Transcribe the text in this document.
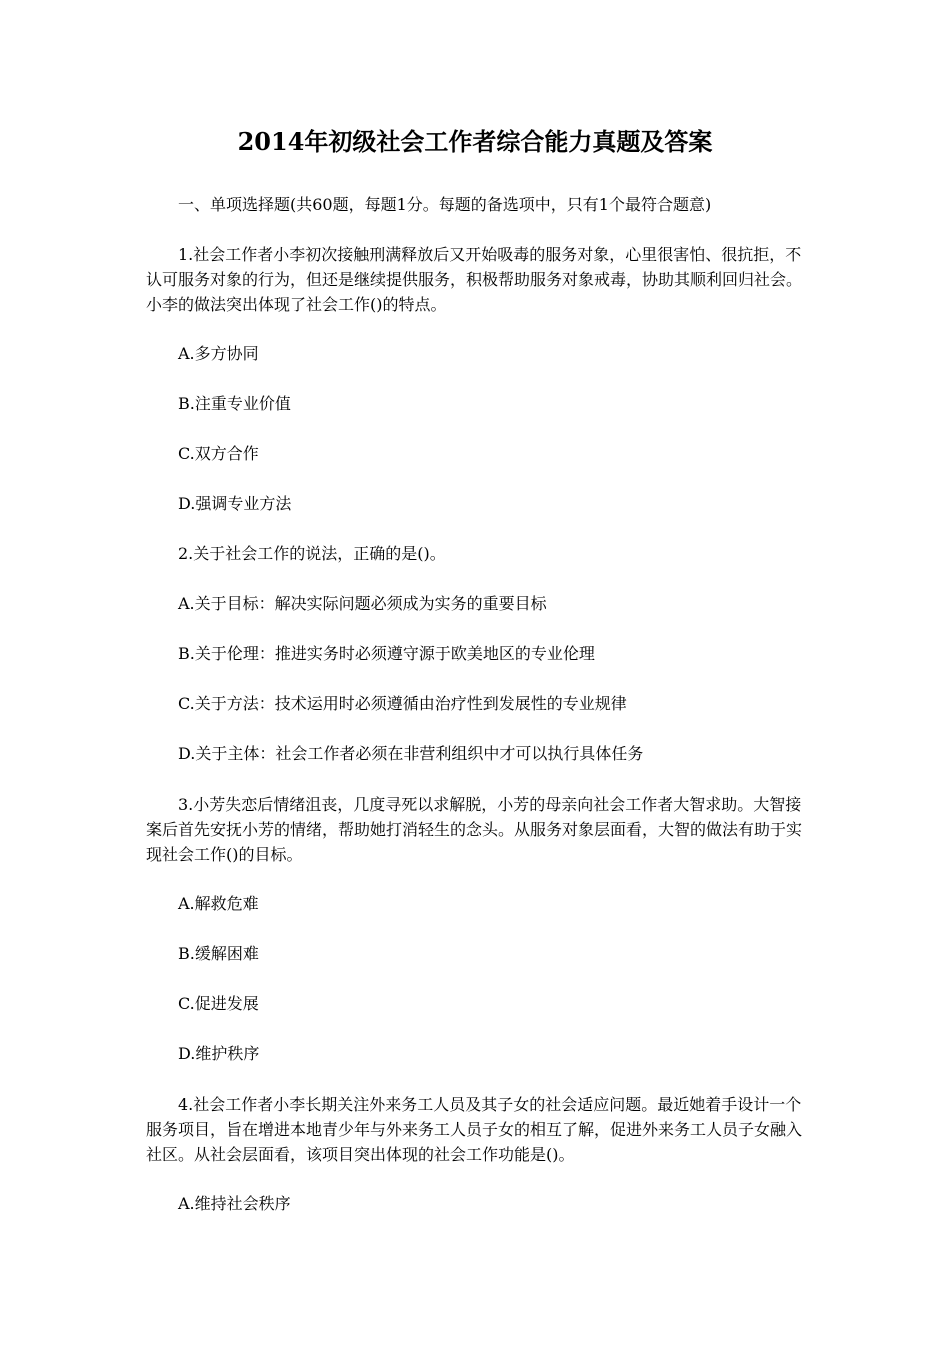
2014年初级社会工作者综合能力真题及答案
一、单项选择题(共60题，每题1分。每题的备选项中，只有1个最符合题意)
1.社会工作者小李初次接触刑满释放后又开始吸毒的服务对象，心里很害怕、很抗拒，不认可服务对象的行为，但还是继续提供服务，积极帮助服务对象戒毒，协助其顺利回归社会。小李的做法突出体现了社会工作()的特点。
A.多方协同
B.注重专业价值
C.双方合作
D.强调专业方法
2.关于社会工作的说法，正确的是()。
A.关于目标：解决实际问题必须成为实务的重要目标
B.关于伦理：推进实务时必须遵守源于欧美地区的专业伦理
C.关于方法：技术运用时必须遵循由治疗性到发展性的专业规律
D.关于主体：社会工作者必须在非营利组织中才可以执行具体任务
3.小芳失恋后情绪沮丧，几度寻死以求解脱，小芳的母亲向社会工作者大智求助。大智接案后首先安抚小芳的情绪，帮助她打消轻生的念头。从服务对象层面看，大智的做法有助于实现社会工作()的目标。
A.解救危难
B.缓解困难
C.促进发展
D.维护秩序
4.社会工作者小李长期关注外来务工人员及其子女的社会适应问题。最近她着手设计一个服务项目，旨在增进本地青少年与外来务工人员子女的相互了解，促进外来务工人员子女融入社区。从社会层面看，该项目突出体现的社会工作功能是()。
A.维持社会秩序
